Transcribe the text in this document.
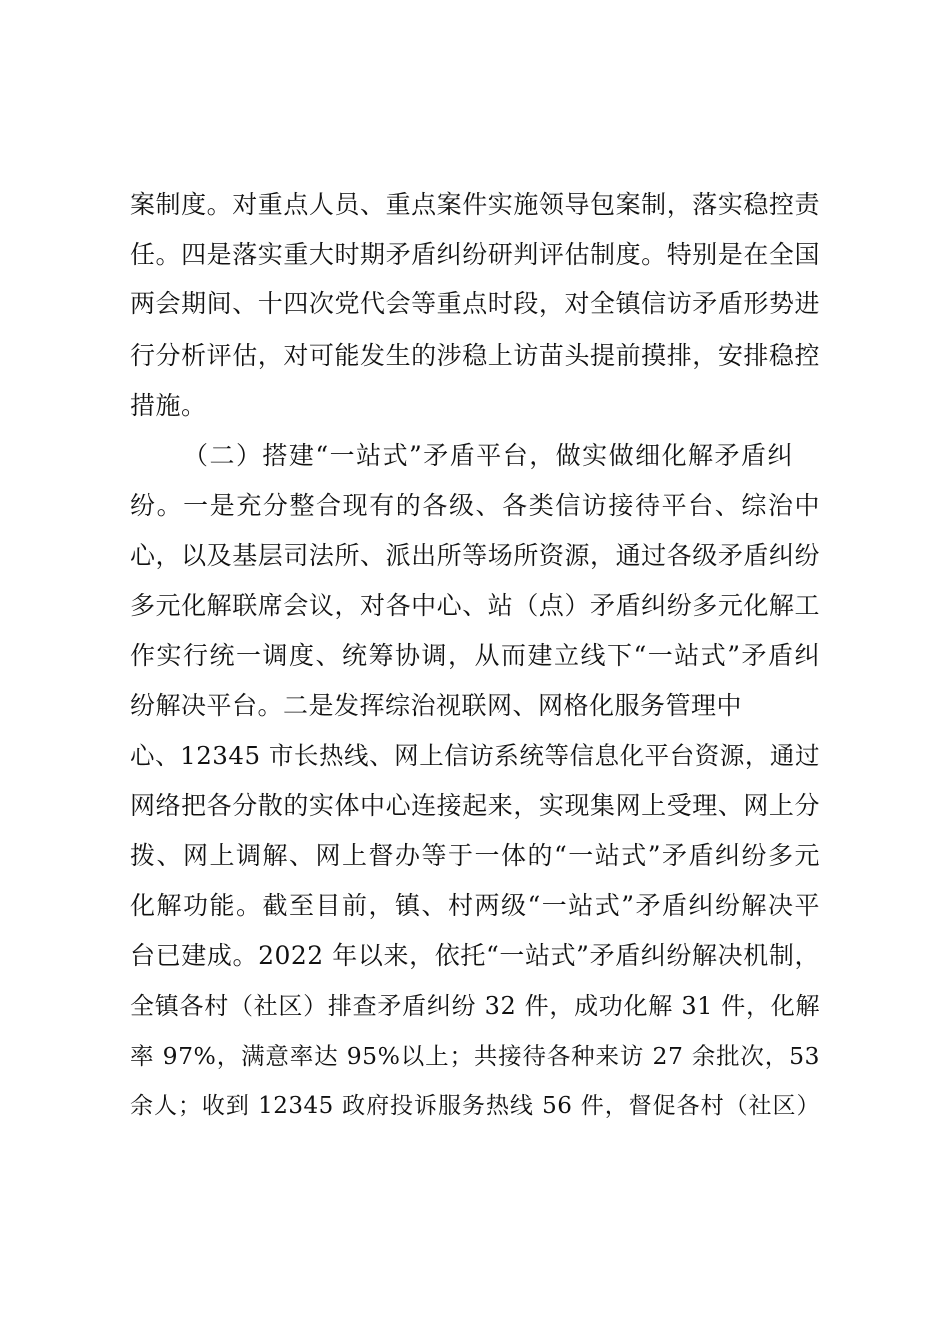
案制度。对重点人员、重点案件实施领导包案制，落实稳控责
任。四是落实重大时期矛盾纠纷研判评估制度。特别是在全国
两会期间、十四次党代会等重点时段，对全镇信访矛盾形势进
行分析评估，对可能发生的涉稳上访苗头提前摸排，安排稳控
措施。
（二）搭建“一站式”矛盾平台，做实做细化解矛盾纠
纷。一是充分整合现有的各级、各类信访接待平台、综治中
心，以及基层司法所、派出所等场所资源，通过各级矛盾纠纷
多元化解联席会议，对各中心、站（点）矛盾纠纷多元化解工
作实行统一调度、统筹协调，从而建立线下“一站式”矛盾纠
纷解决平台。二是发挥综治视联网、网格化服务管理中
心、12345 市长热线、网上信访系统等信息化平台资源，通过
网络把各分散的实体中心连接起来，实现集网上受理、网上分
拨、网上调解、网上督办等于一体的“一站式”矛盾纠纷多元
化解功能。截至目前，镇、村两级“一站式”矛盾纠纷解决平
台已建成。2022 年以来，依托“一站式”矛盾纠纷解决机制，
全镇各村（社区）排查矛盾纠纷 32 件，成功化解 31 件，化解
率 97%，满意率达 95%以上；共接待各种来访 27 余批次，53
余人；收到 12345 政府投诉服务热线 56 件，督促各村（社区）
